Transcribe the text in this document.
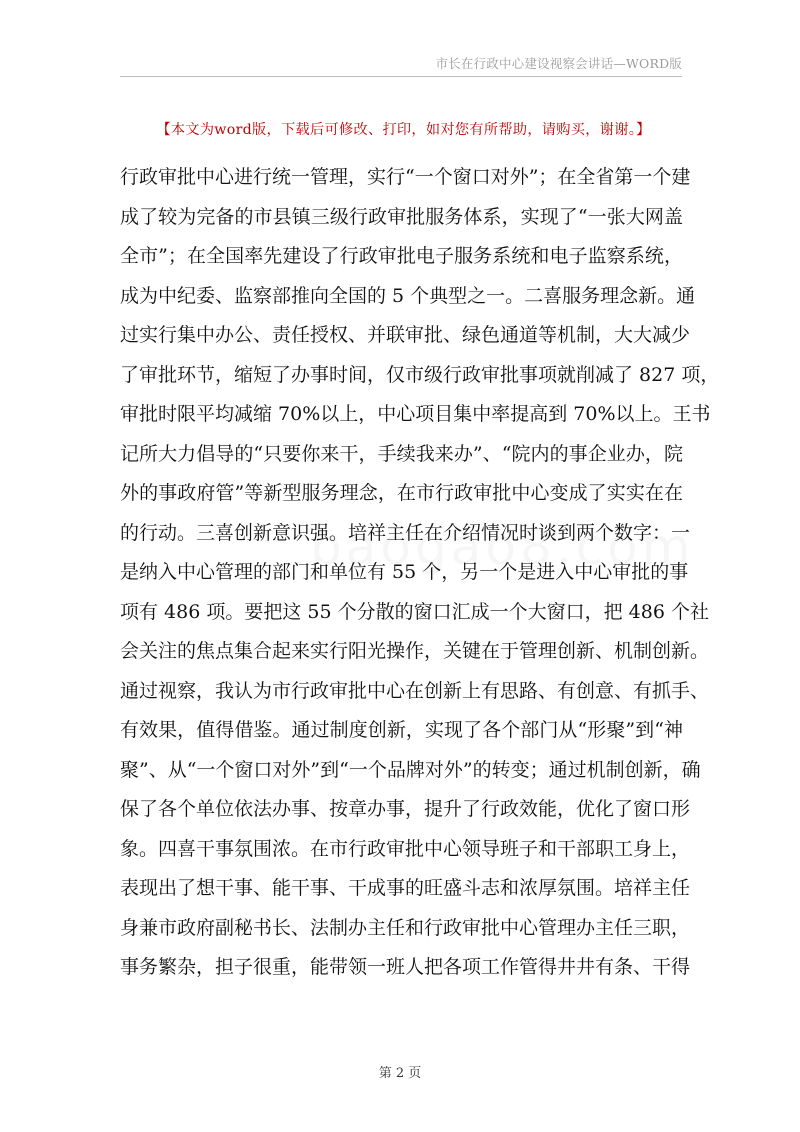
市长在行政中心建设视察会讲话—WORD版
【本文为word版，下载后可修改、打印，如对您有所帮助，请购买，谢谢。】
行政审批中心进行统一管理，实行“一个窗口对外”；在全省第一个建
成了较为完备的市县镇三级行政审批服务体系，实现了“一张大网盖
全市”；在全国率先建设了行政审批电子服务系统和电子监察系统，
成为中纪委、监察部推向全国的 5 个典型之一。二喜服务理念新。通
过实行集中办公、责任授权、并联审批、绿色通道等机制，大大减少
了审批环节，缩短了办事时间，仅市级行政审批事项就削减了 827 项，
审批时限平均减缩 70%以上，中心项目集中率提高到 70%以上。王书
记所大力倡导的“只要你来干，手续我来办”、“院内的事企业办，院
外的事政府管”等新型服务理念，在市行政审批中心变成了实实在在
的行动。三喜创新意识强。培祥主任在介绍情况时谈到两个数字：一
是纳入中心管理的部门和单位有 55 个，另一个是进入中心审批的事
项有 486 项。要把这 55 个分散的窗口汇成一个大窗口，把 486 个社
会关注的焦点集合起来实行阳光操作，关键在于管理创新、机制创新。
通过视察，我认为市行政审批中心在创新上有思路、有创意、有抓手、
有效果，值得借鉴。通过制度创新，实现了各个部门从“形聚”到“神
聚”、从“一个窗口对外”到“一个品牌对外”的转变；通过机制创新，确
保了各个单位依法办事、按章办事，提升了行政效能，优化了窗口形
象。四喜干事氛围浓。在市行政审批中心领导班子和干部职工身上，
表现出了想干事、能干事、干成事的旺盛斗志和浓厚氛围。培祥主任
身兼市政府副秘书长、法制办主任和行政审批中心管理办主任三职，
事务繁杂，担子很重，能带领一班人把各项工作管得井井有条、干得
第 2 页
